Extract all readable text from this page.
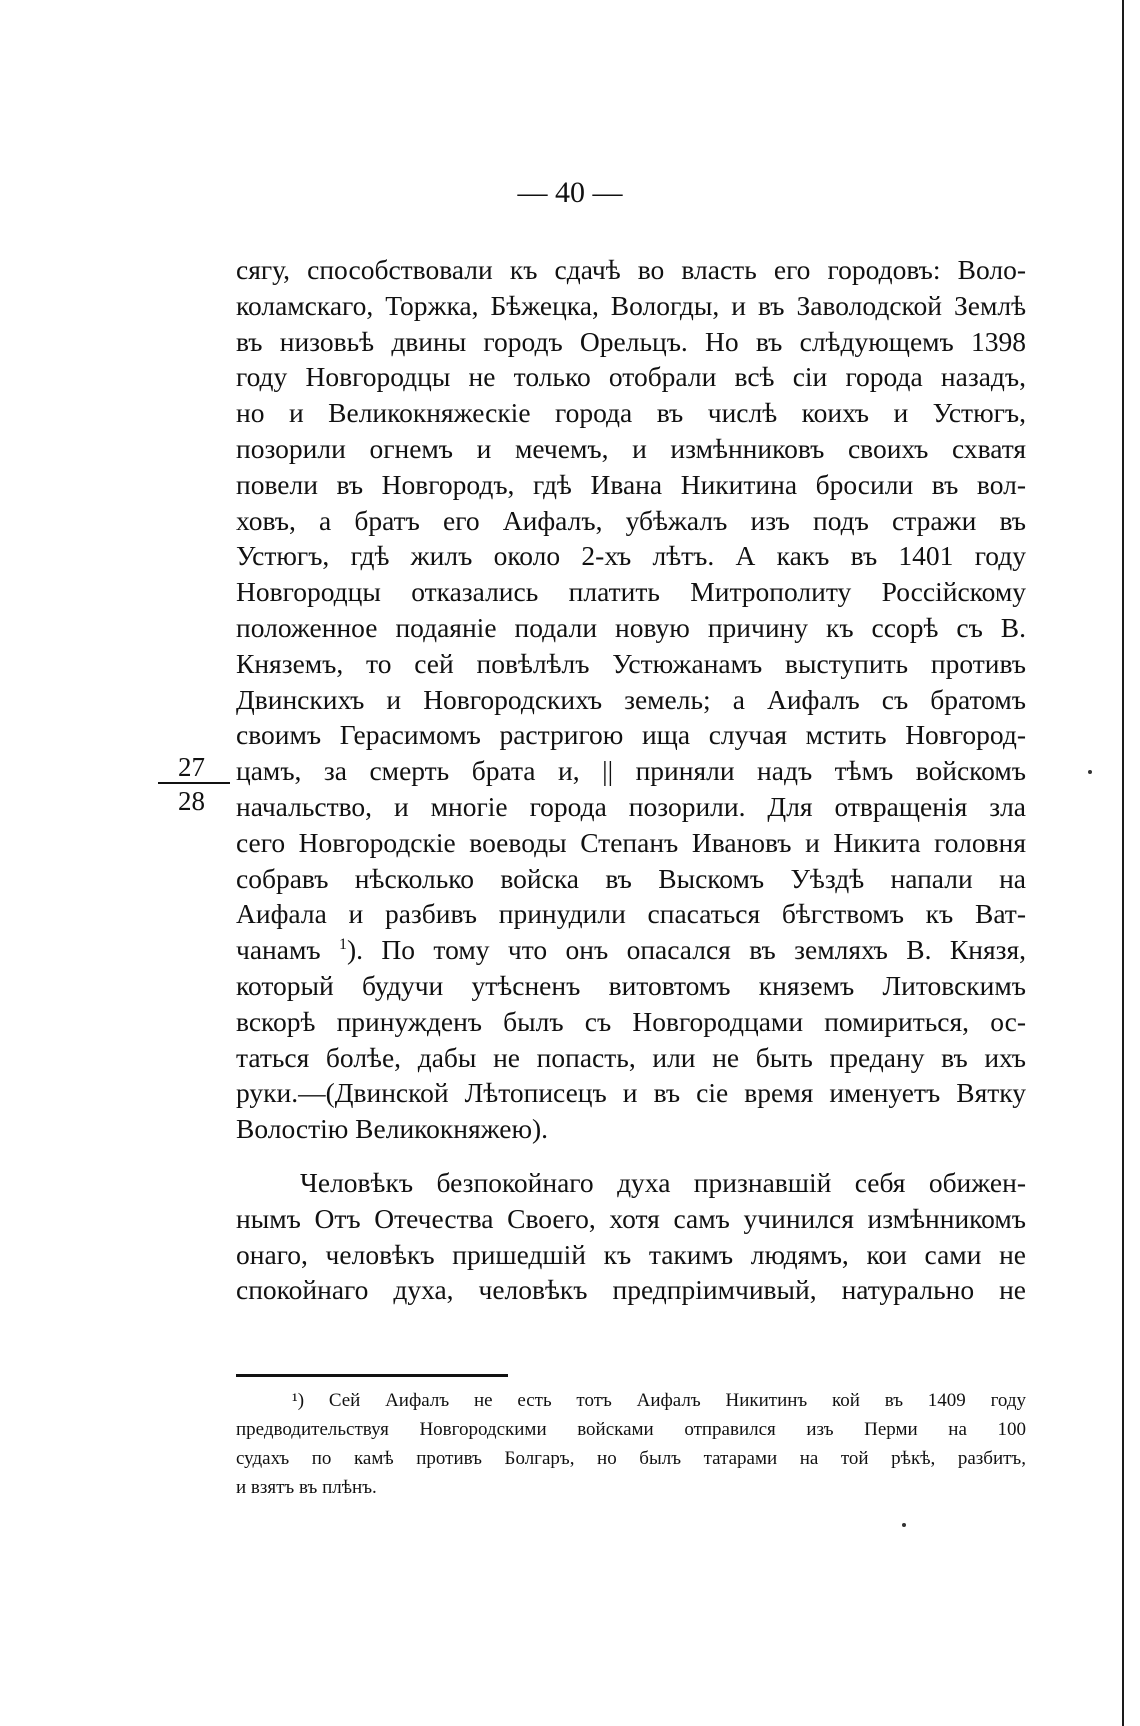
— 40 —
сягу, способствовали къ сдачѣ во власть его городовъ: Воло-
коламскаго, Торжка, Бѣжецка, Вологды, и въ Заволодской Землѣ
въ низовьѣ двины городъ Орельцъ. Но въ слѣдующемъ 1398
году Новгородцы не только отобрали всѣ сіи города назадъ,
но и Великокняжескіе города въ числѣ коихъ и Устюгъ,
позорили огнемъ и мечемъ, и измѣнниковъ своихъ схватя
повели въ Новгородъ, гдѣ Ивана Никитина бросили въ вол-
ховъ, а братъ его Аифалъ, убѣжалъ изъ подъ стражи въ
Устюгъ, гдѣ жилъ около 2-хъ лѣтъ. А какъ въ 1401 году
Новгородцы отказались платить Митрополиту Россійскому
положенное подаяніе подали новую причину къ ссорѣ съ В.
Княземъ, то сей повѣлѣлъ Устюжанамъ выступить противъ
Двинскихъ и Новгородскихъ земель; а Аифалъ съ братомъ
своимъ Герасимомъ растригою ища случая мстить Новгород-
цамъ, за смерть брата и, || приняли надъ тѣмъ войскомъ
начальство, и многіе города позорили. Для отвращенія зла
сего Новгородскіе воеводы Степанъ Ивановъ и Никита головня
собравъ нѣсколько войска въ Выскомъ Уѣздѣ напали на
Аифала и разбивъ принудили спасаться бѣгствомъ къ Ват-
чанамъ $^1$). По тому что онъ опасался въ земляхъ В. Князя,
который будучи утѣсненъ витовтомъ княземъ Литовскимъ
вскорѣ принужденъ былъ съ Новгородцами помириться, ос-
таться болѣе, дабы не попасть, или не быть предану въ ихъ
руки.—(Двинской Лѣтописецъ и въ сіе время именуетъ Вятку
Волостію Великокняжею).
Человѣкъ безпокойнаго духа признавшій себя обижен-
нымъ Отъ Отечества Своего, хотя самъ учинился измѣнникомъ
онаго, человѣкъ пришедшій къ такимъ людямъ, кои сами не
спокойнаго духа, человѣкъ предпріимчивый, натурально не
27
28
¹) Сей Аифалъ не есть тотъ Аифалъ Никитинъ кой въ 1409 году
предводительствуя Новгородскими войсками отправился изъ Перми на 100
судахъ по камѣ противъ Болгаръ, но былъ татарами на той рѣкѣ, разбитъ,
и взятъ въ плѣнъ.
